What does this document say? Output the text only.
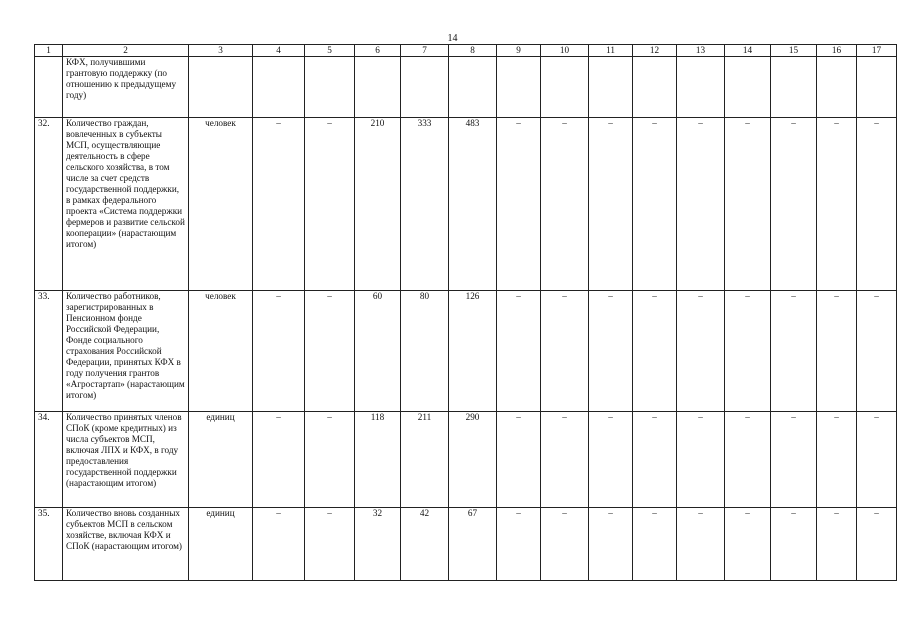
14
1	2	3	4	5	6	7	8	9	10	11	12	13	14	15	16	17
	КФХ, получившими грантовую поддержку (по отношению к предыдущему году)															
32.	Количество граждан, вовлеченных в субъекты МСП, осуществляющие деятельность в сфере сельского хозяйства, в том числе за счет средств государственной поддержки, в рамках федерального проекта «Система поддержки фермеров и развитие сельской кооперации» (нарастающим итогом)	человек	–	–	210	333	483	–	–	–	–	–	–	–	–	–
33.	Количество работников, зарегистрированных в Пенсионном фонде Российской Федерации, Фонде социального страхования Российской Федерации, принятых КФХ в году получения грантов «Агростартап» (нарастающим итогом)	человек	–	–	60	80	126	–	–	–	–	–	–	–	–	–
34.	Количество принятых членов СПоК (кроме кредитных) из числа субъектов МСП, включая ЛПХ и КФХ, в году предоставления государственной поддержки (нарастающим итогом)	единиц	–	–	118	211	290	–	–	–	–	–	–	–	–	–
35.	Количество вновь созданных субъектов МСП в сельском хозяйстве, включая КФХ и СПоК (нарастающим итогом)	единиц	–	–	32	42	67	–	–	–	–	–	–	–	–	–
